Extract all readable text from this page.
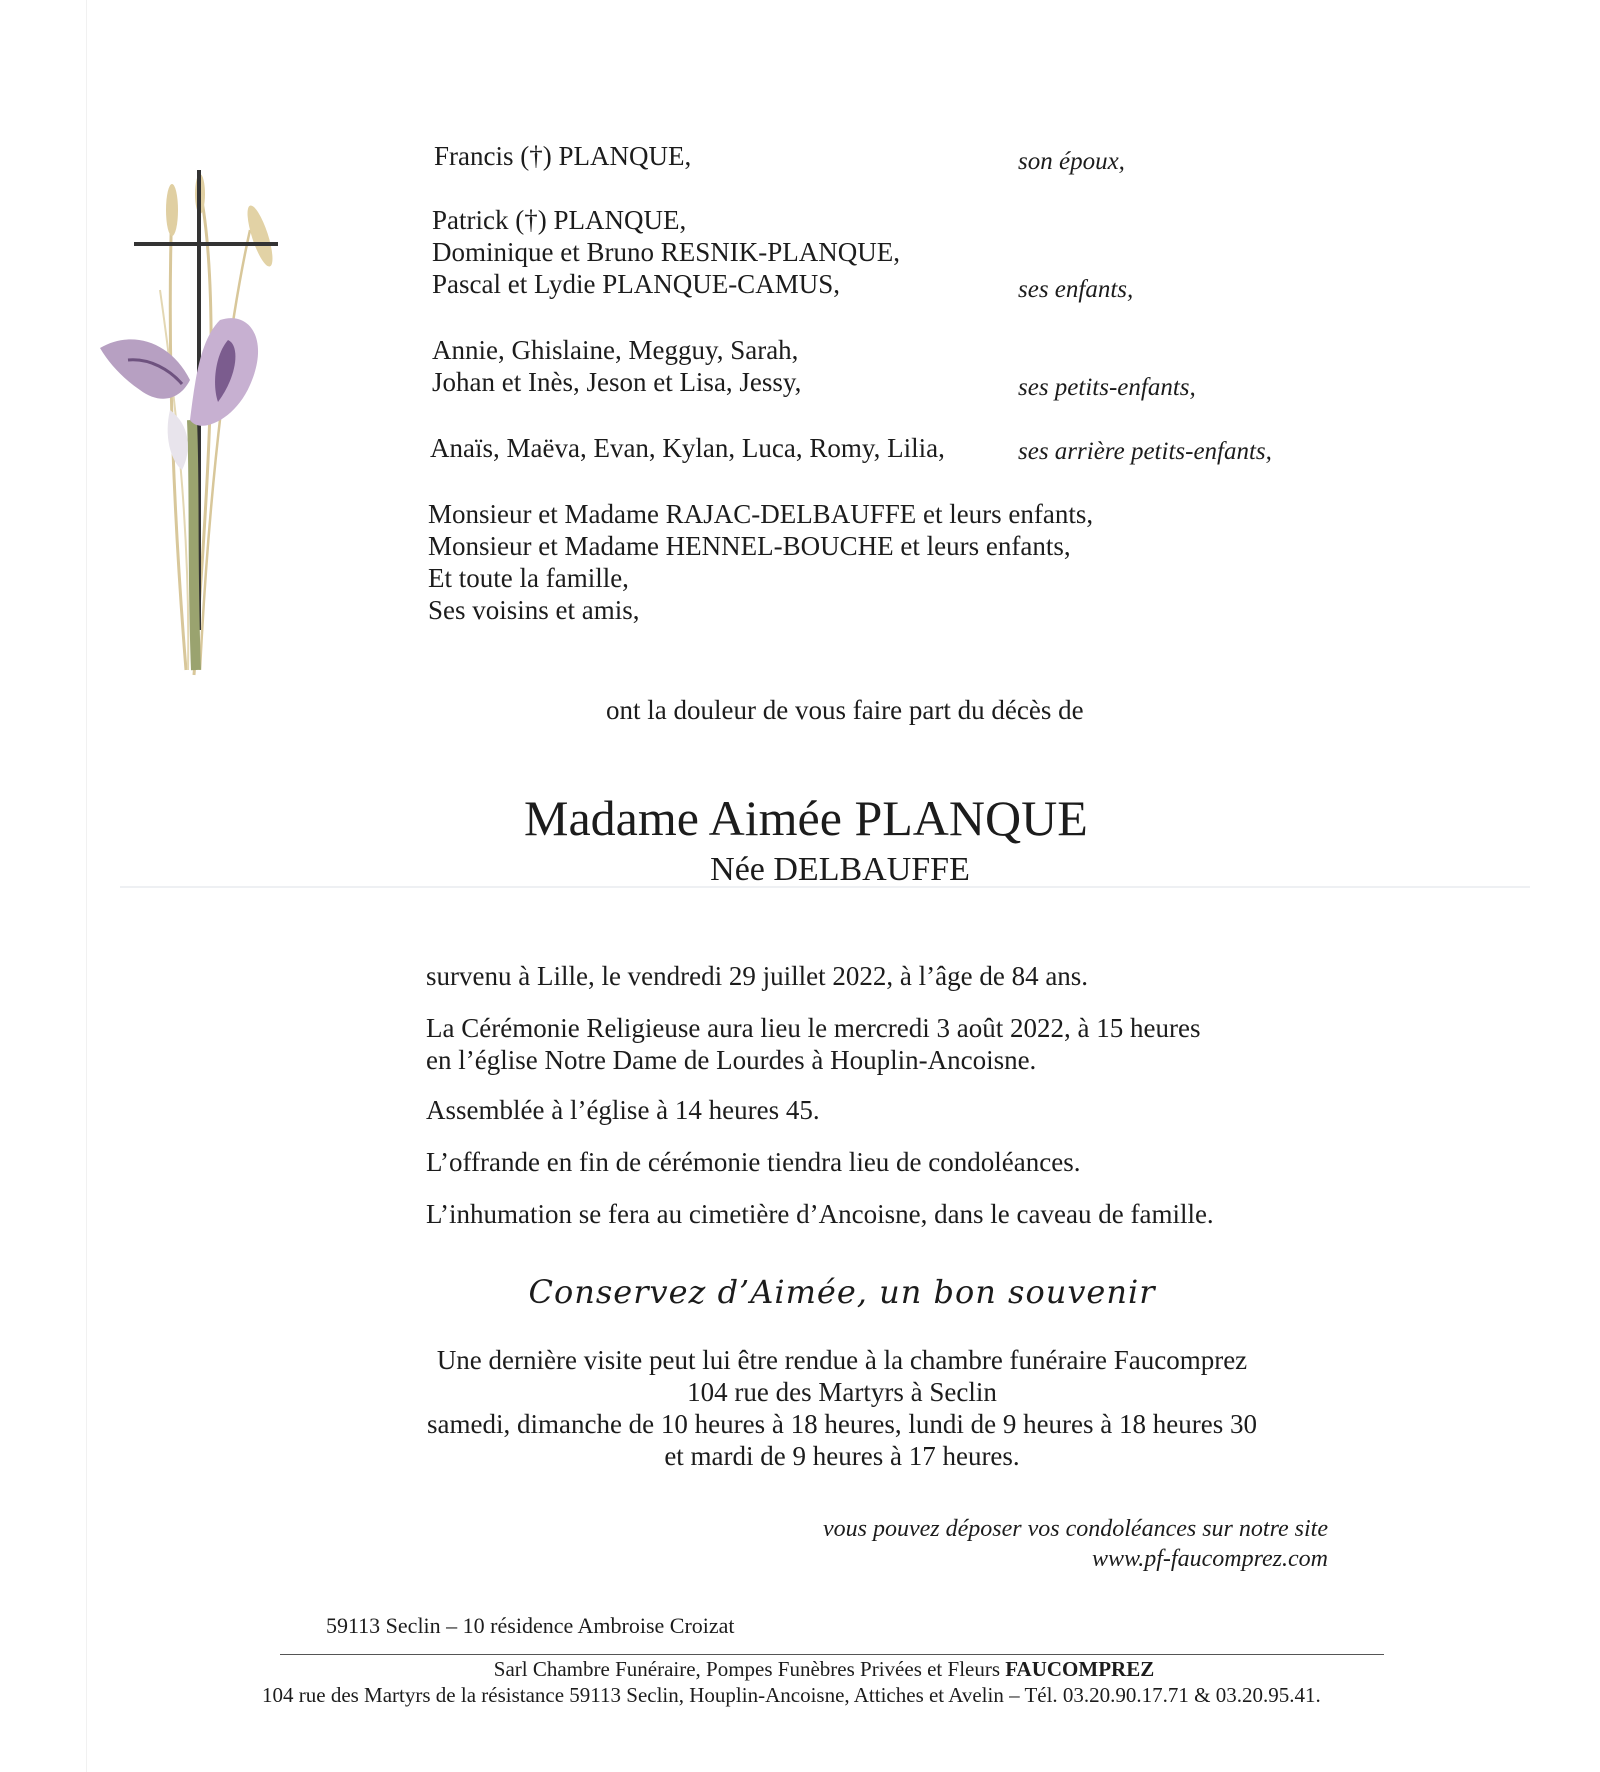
Francis (†) PLANQUE,	son époux,
Patrick (†) PLANQUE,
Dominique et Bruno RESNIK-PLANQUE,
Pascal et Lydie PLANQUE-CAMUS,	ses enfants,
Annie, Ghislaine, Megguy, Sarah,
Johan et Inès, Jeson et Lisa, Jessy,	ses petits-enfants,
Anaïs, Maëva, Evan, Kylan, Luca, Romy, Lilia,	ses arrière petits-enfants,
Monsieur et Madame RAJAC-DELBAUFFE et leurs enfants,
Monsieur et Madame HENNEL-BOUCHE et leurs enfants,
Et toute la famille,
Ses voisins et amis,
ont la douleur de vous faire part du décès de
Madame Aimée PLANQUE
Née DELBAUFFE
survenu à Lille, le vendredi 29 juillet 2022, à l’âge de 84 ans.
La Cérémonie Religieuse aura lieu le mercredi 3 août 2022, à 15 heures
en l’église Notre Dame de Lourdes à Houplin-Ancoisne.
Assemblée à l’église à 14 heures 45.
L’offrande en fin de cérémonie tiendra lieu de condoléances.
L’inhumation se fera au cimetière d’Ancoisne, dans le caveau de famille.
Conservez d’Aimée, un bon souvenir
Une dernière visite peut lui être rendue à la chambre funéraire Faucomprez
104 rue des Martyrs à Seclin
samedi, dimanche de 10 heures à 18 heures, lundi de 9 heures à 18 heures 30
et mardi de 9 heures à 17 heures.
vous pouvez déposer vos condoléances sur notre site
www.pf-faucomprez.com
59113 Seclin – 10 résidence Ambroise Croizat
Sarl Chambre Funéraire, Pompes Funèbres Privées et Fleurs FAUCOMPREZ
104 rue des Martyrs de la résistance 59113 Seclin, Houplin-Ancoisne, Attiches et Avelin – Tél. 03.20.90.17.71 & 03.20.95.41.
